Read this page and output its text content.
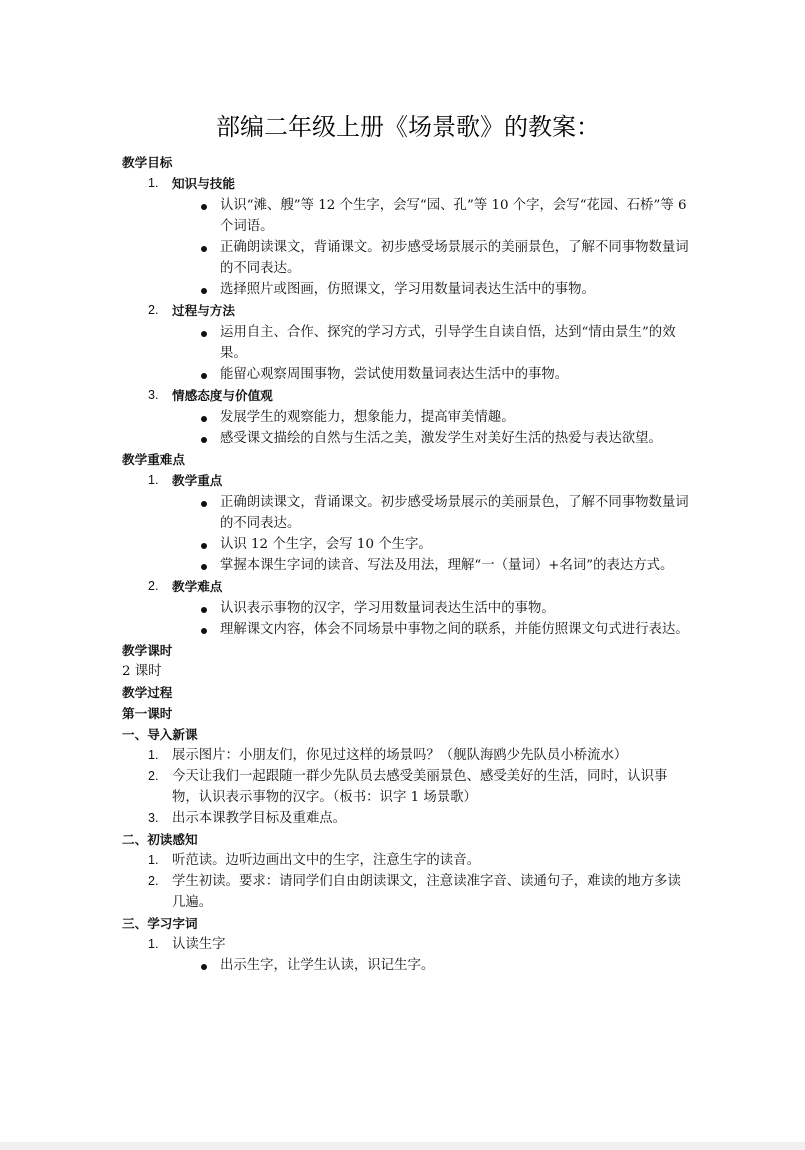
部编二年级上册《场景歌》的教案：
教学目标
1. 知识与技能
认识“滩、艘”等 12 个生字，会写“园、孔”等 10 个字，会写“花园、石桥”等 6 个词语。
正确朗读课文，背诵课文。初步感受场景展示的美丽景色，了解不同事物数量词的不同表达。
选择照片或图画，仿照课文，学习用数量词表达生活中的事物。
2. 过程与方法
运用自主、合作、探究的学习方式，引导学生自读自悟，达到“情由景生”的效果。
能留心观察周围事物，尝试使用数量词表达生活中的事物。
3. 情感态度与价值观
发展学生的观察能力，想象能力，提高审美情趣。
感受课文描绘的自然与生活之美，激发学生对美好生活的热爱与表达欲望。
教学重难点
1. 教学重点
正确朗读课文，背诵课文。初步感受场景展示的美丽景色，了解不同事物数量词的不同表达。
认识 12 个生字，会写 10 个生字。
掌握本课生字词的读音、写法及用法，理解“一（量词）+名词”的表达方式。
2. 教学难点
认识表示事物的汉字，学习用数量词表达生活中的事物。
理解课文内容，体会不同场景中事物之间的联系，并能仿照课文句式进行表达。
教学课时
2 课时
教学过程
第一课时
一、导入新课
1. 展示图片：小朋友们，你见过这样的场景吗？（舰队海鸥少先队员小桥流水）
2. 今天让我们一起跟随一群少先队员去感受美丽景色、感受美好的生活，同时，认识事物，认识表示事物的汉字。（板书：识字 1 场景歌）
3. 出示本课教学目标及重难点。
二、初读感知
1. 听范读。边听边画出文中的生字，注意生字的读音。
2. 学生初读。要求：请同学们自由朗读课文，注意读准字音、读通句子，难读的地方多读几遍。
三、学习字词
1. 认读生字
出示生字，让学生认读，识记生字。
